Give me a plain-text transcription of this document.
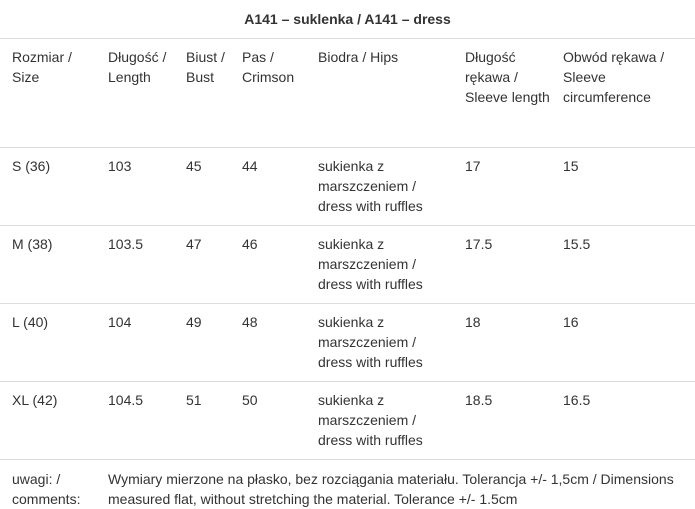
A141 – suklenka / A141 – dress						
Rozmiar / Size	Długość / Length	Biust / Bust	Pas / Crimson	Biodra / Hips	Długość rękawa / Sleeve length	Obwód rękawa / Sleeve circumference
S (36)	103	45	44	sukienka z marszczeniem / dress with ruffles	17	15
M (38)	103.5	47	46	sukienka z marszczeniem / dress with ruffles	17.5	15.5
L (40)	104	49	48	sukienka z marszczeniem / dress with ruffles	18	16
XL (42)	104.5	51	50	sukienka z marszczeniem / dress with ruffles	18.5	16.5
uwagi: / comments:	Wymiary mierzone na płasko, bez rozciągania materiału. Tolerancja +/- 1,5cm / Dimensions measured flat, without stretching the material. Tolerance +/- 1.5cm					
